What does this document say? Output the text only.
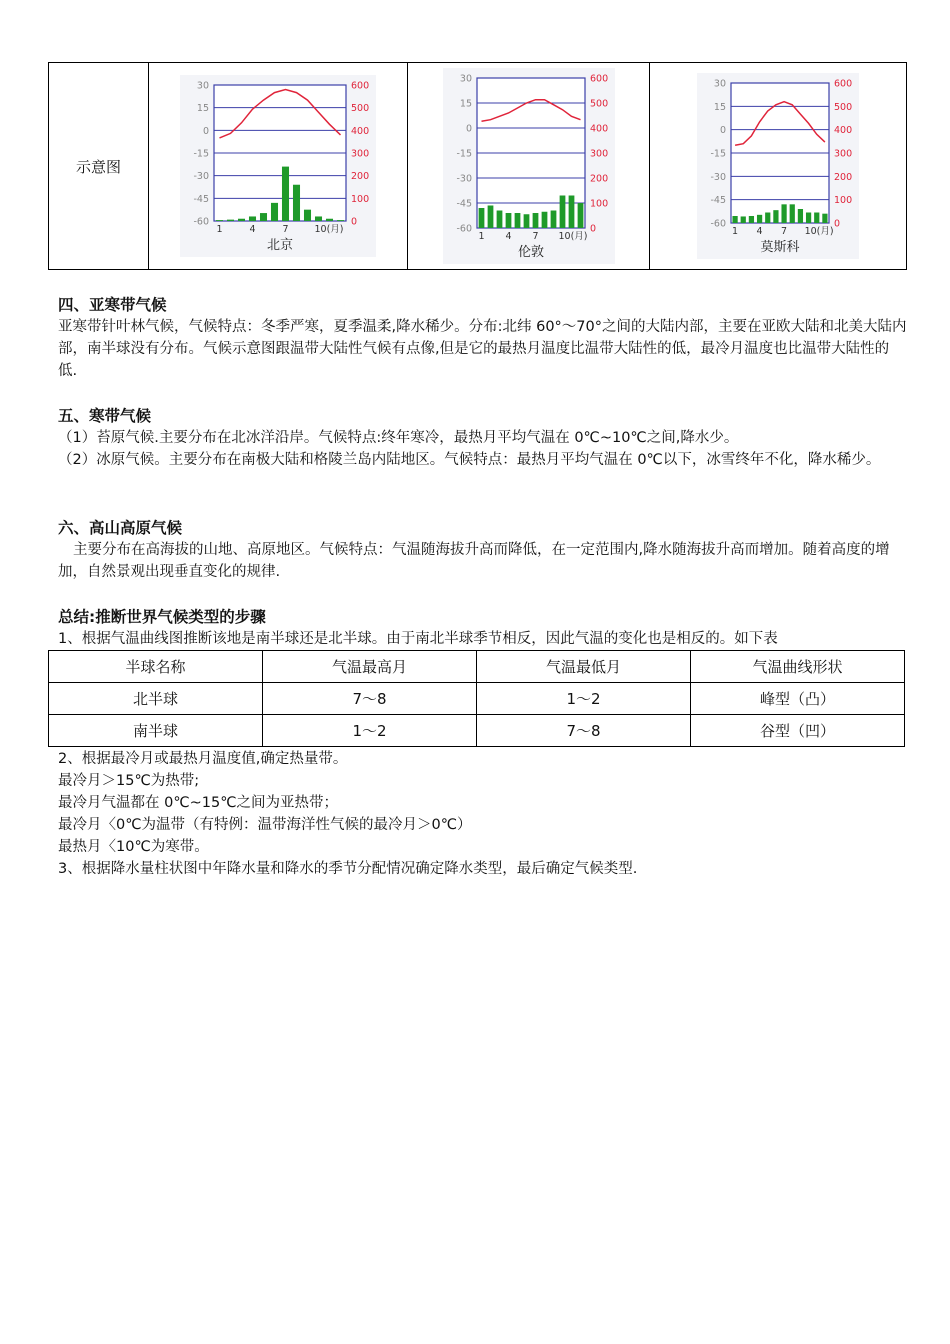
示意图	
30
15
0
-15
-30
-45
-60
600
500
400
300
200
100
0
1	4	7	10(月)
北京

30
15
0
-15
-30
-45
-60
600
500
400
300
200
100
0
1 4 7 10(月)
伦敦

30
15
0
-15
-30
-45
-60
600
500
400
300
200
100
0
1 4 7 10(月)
莫斯科
四、亚寒带气候
亚寒带针叶林气候，气候特点：冬季严寒，夏季温柔,降水稀少。分布:北纬 60°～70°之间的大陆内部，主要在亚欧大陆和北美大陆内部，南半球没有分布。气候示意图跟温带大陆性气候有点像,但是它的最热月温度比温带大陆性的低，最冷月温度也比温带大陆性的低.
五、寒带气候
（1）苔原气候.主要分布在北冰洋沿岸。气候特点:终年寒冷，最热月平均气温在 0℃~10℃之间,降水少。
（2）冰原气候。主要分布在南极大陆和格陵兰岛内陆地区。气候特点：最热月平均气温在 0℃以下，冰雪终年不化，降水稀少。
六、高山高原气候
主要分布在高海拔的山地、高原地区。气候特点：气温随海拔升高而降低，在一定范围内,降水随海拔升高而增加。随着高度的增加，自然景观出现垂直变化的规律.
总结:推断世界气候类型的步骤
1、根据气温曲线图推断该地是南半球还是北半球。由于南北半球季节相反，因此气温的变化也是相反的。如下表
半球名称	气温最高月	气温最低月	气温曲线形状
北半球	7～8	1～2	峰型（凸）
南半球	1～2	7～8	谷型（凹）
2、根据最冷月或最热月温度值,确定热量带。
最冷月＞15℃为热带;
最冷月气温都在 0℃~15℃之间为亚热带；
最冷月〈0℃为温带（有特例：温带海洋性气候的最冷月＞0℃）
最热月〈10℃为寒带。
3、根据降水量柱状图中年降水量和降水的季节分配情况确定降水类型，最后确定气候类型.
